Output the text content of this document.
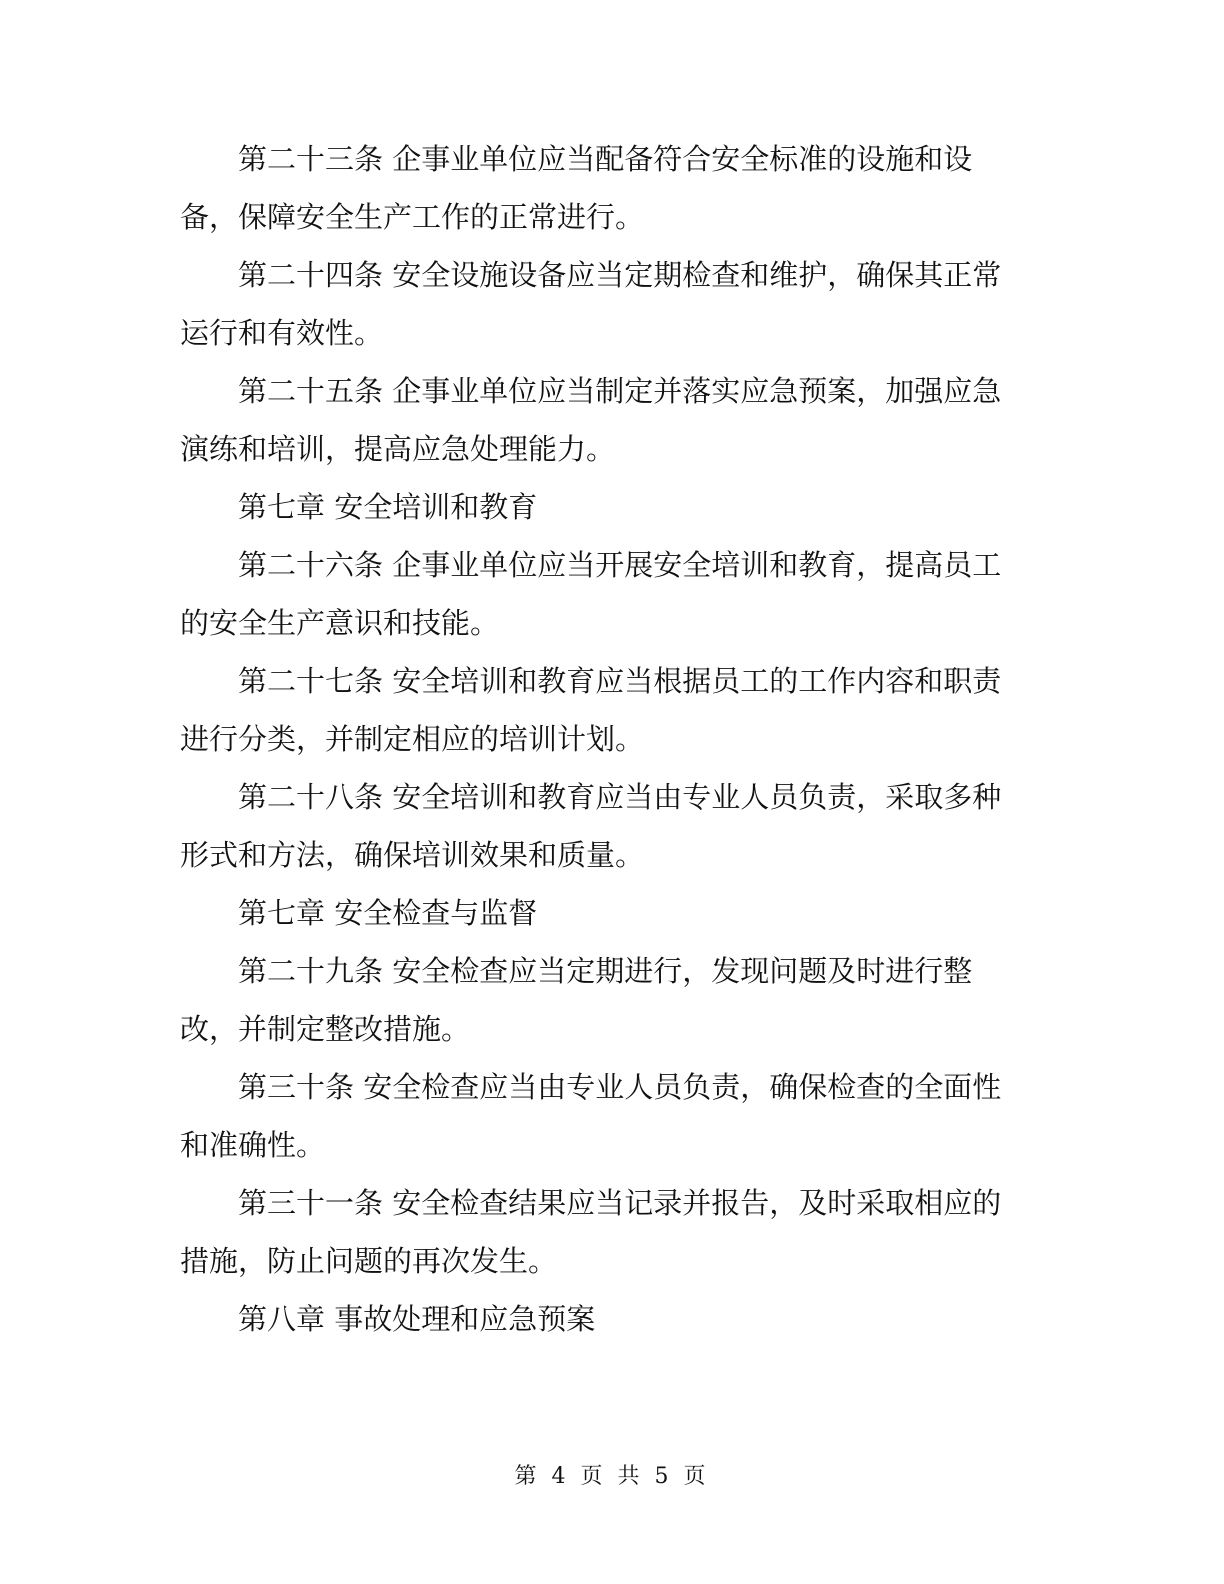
第二十三条 企事业单位应当配备符合安全标准的设施和设备，保障安全生产工作的正常进行。

第二十四条 安全设施设备应当定期检查和维护，确保其正常运行和有效性。

第二十五条 企事业单位应当制定并落实应急预案，加强应急演练和培训，提高应急处理能力。

第七章 安全培训和教育

第二十六条 企事业单位应当开展安全培训和教育，提高员工的安全生产意识和技能。

第二十七条 安全培训和教育应当根据员工的工作内容和职责进行分类，并制定相应的培训计划。

第二十八条 安全培训和教育应当由专业人员负责，采取多种形式和方法，确保培训效果和质量。

第七章 安全检查与监督

第二十九条 安全检查应当定期进行，发现问题及时进行整改，并制定整改措施。

第三十条 安全检查应当由专业人员负责，确保检查的全面性和准确性。

第三十一条 安全检查结果应当记录并报告，及时采取相应的措施，防止问题的再次发生。

第八章 事故处理和应急预案

第 4 页 共 5 页
